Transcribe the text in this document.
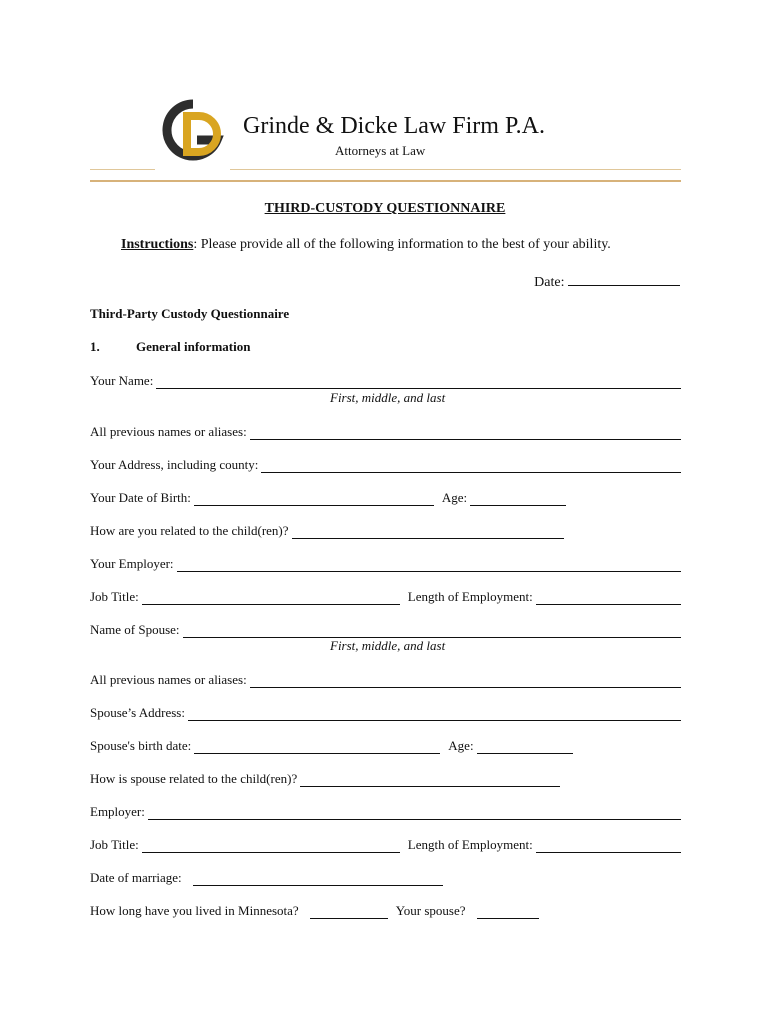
Grinde & Dicke Law Firm P.A.
Attorneys at Law
THIRD-CUSTODY QUESTIONNAIRE
Instructions: Please provide all of the following information to the best of your ability.
Date:
Third-Party Custody Questionnaire
1.	General information
Your Name:
First, middle, and last
All previous names or aliases:
Your Address, including county:
Your Date of Birth:	Age:
How are you related to the child(ren)?
Your Employer:
Job Title:	Length of Employment:
Name of Spouse:
First, middle, and last
All previous names or aliases:
Spouse’s Address:
Spouse's birth date:	Age:
How is spouse related to the child(ren)?
Employer:
Job Title:	Length of Employment:
Date of marriage:
How long have you lived in Minnesota?	Your spouse?
